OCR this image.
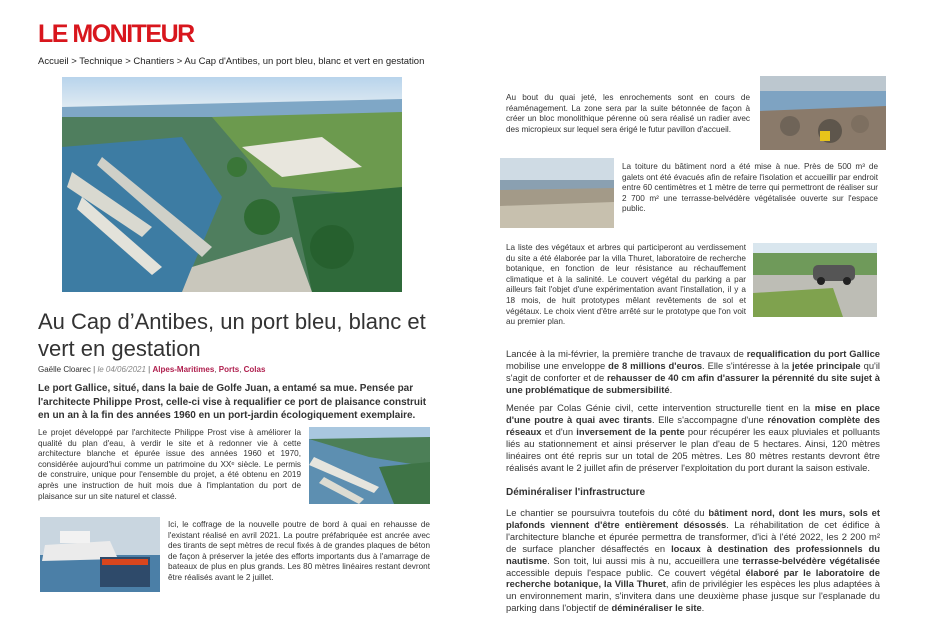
LE MONITEUR
Accueil > Technique > Chantiers > Au Cap d'Antibes, un port bleu, blanc et vert en gestation
Au Cap d’Antibes, un port bleu, blanc et vert en gestation
Gaëlle Cloarec | le 04/06/2021 | Alpes-Maritimes, Ports, Colas
Le port Gallice, situé, dans la baie de Golfe Juan, a entamé sa mue. Pensée par l'architecte Philippe Prost, celle-ci vise à requalifier ce port de plaisance construit en un an à la fin des années 1960 en un port-jardin écologiquement exemplaire.
Le projet développé par l'architecte Philippe Prost vise à améliorer la qualité du plan d'eau, à verdir le site et à redonner vie à cette architecture blanche et épurée issue des années 1960 et 1970, considérée aujourd'hui comme un patrimoine du XXᵉ siècle. Le permis de construire, unique pour l'ensemble du projet, a été obtenu en 2019 après une instruction de huit mois due à l'implantation du port de plaisance sur un site naturel et classé.
Ici, le coffrage de la nouvelle poutre de bord à quai en rehausse de l'existant réalisé en avril 2021. La poutre préfabriquée est ancrée avec des tirants de sept mètres de recul fixés à de grandes plaques de béton de façon à préserver la jetée des efforts importants dus à l'amarrage de bateaux de plus en plus grands. Les 80 mètres linéaires restant devront être réalisés avant le 2 juillet.
Au bout du quai jeté, les enrochements sont en cours de réaménagement. La zone sera par la suite bétonnée de façon à créer un bloc monolithique pérenne où sera réalisé un radier avec des micropieux sur lequel sera érigé le futur pavillon d'accueil.
La toiture du bâtiment nord a été mise à nue. Près de 500 m³ de galets ont été évacués afin de refaire l'isolation et accueillir par endroit entre 60 centimètres et 1 mètre de terre qui permettront de réaliser sur 2 700 m² une terrasse-belvédère végétalisée ouverte sur l'espace public.
La liste des végétaux et arbres qui participeront au verdissement du site a été élaborée par la villa Thuret, laboratoire de recherche botanique, en fonction de leur résistance au réchauffement climatique et à la salinité. Le couvert végétal du parking a par ailleurs fait l'objet d'une expérimentation avant l'installation, il y a 18 mois, de huit prototypes mêlant revêtements de sol et végétaux. Le choix vient d'être arrêté sur le prototype que l'on voit au premier plan.
Lancée à la mi-février, la première tranche de travaux de requalification du port Gallice mobilise une enveloppe de 8 millions d'euros. Elle s'intéresse à la jetée principale qu'il s'agit de conforter et de rehausser de 40 cm afin d'assurer la pérennité du site sujet à une problématique de submersibilité.
Menée par Colas Génie civil, cette intervention structurelle tient en la mise en place d'une poutre à quai avec tirants. Elle s'accompagne d'une rénovation complète des réseaux et d'un inversement de la pente pour récupérer les eaux pluviales et polluants liés au stationnement et ainsi préserver le plan d'eau de 5 hectares. Ainsi, 120 mètres linéaires ont été repris sur un total de 205 mètres. Les 80 mètres restants devront être réalisés avant le 2 juillet afin de préserver l'exploitation du port durant la saison estivale.
Déminéraliser l'infrastructure
Le chantier se poursuivra toutefois du côté du bâtiment nord, dont les murs, sols et plafonds viennent d'être entièrement désossés. La réhabilitation de cet édifice à l'architecture blanche et épurée permettra de transformer, d'ici à l'été 2022, les 2 200 m² de surface plancher désaffectés en locaux à destination des professionnels du nautisme. Son toit, lui aussi mis à nu, accueillera une terrasse-belvédère végétalisée accessible depuis l'espace public. Ce couvert végétal élaboré par le laboratoire de recherche botanique, la Villa Thuret, afin de privilégier les espèces les plus adaptées à un environnement marin, s'invitera dans une deuxième phase jusque sur l'esplanade du parking dans l'objectif de déminéraliser le site.
